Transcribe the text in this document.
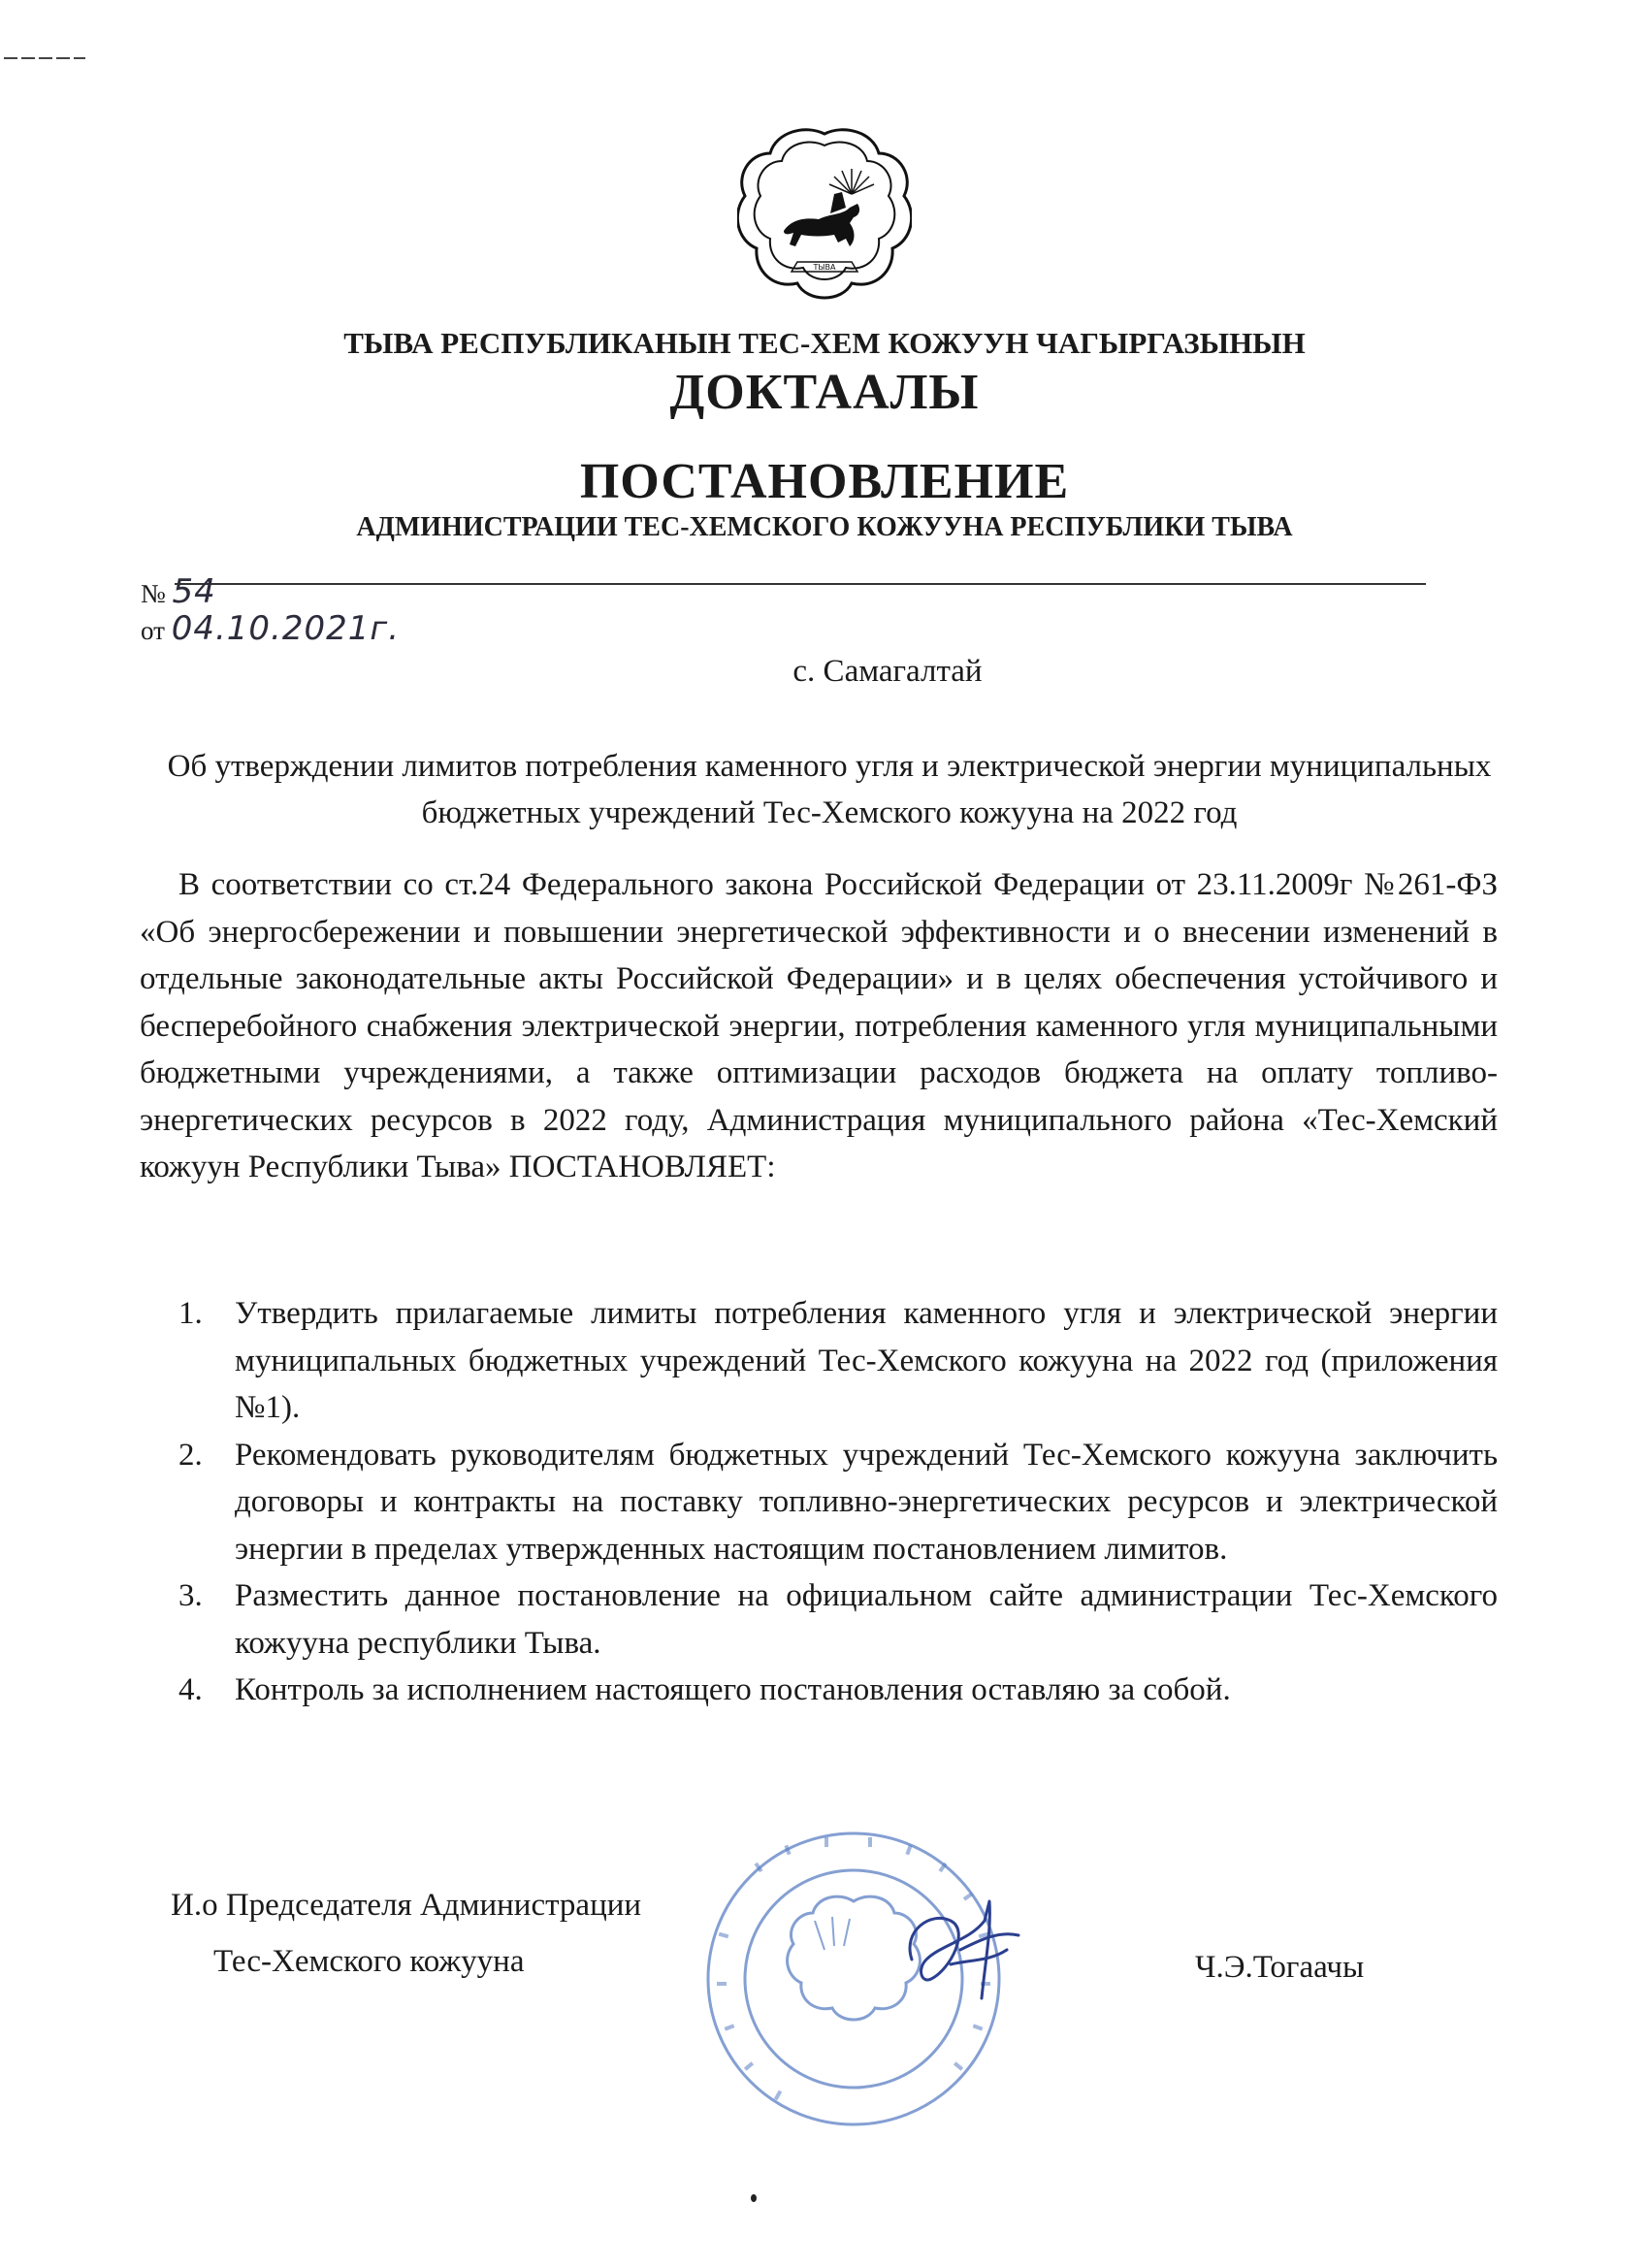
ТЫВА
ТЫВА РЕСПУБЛИКАНЫН ТЕС-ХЕМ КОЖУУН ЧАГЫРГАЗЫНЫН
ДОКТААЛЫ
ПОСТАНОВЛЕНИЕ
АДМИНИСТРАЦИИ ТЕС-ХЕМСКОГО КОЖУУНА РЕСПУБЛИКИ ТЫВА
№ 54
от 04.10.2021г.
с. Самагалтай
Об утверждении лимитов потребления каменного угля и электрической энергии муниципальных бюджетных учреждений Тес-Хемского кожууна на 2022 год
В соответствии со ст.24 Федерального закона Российской Федерации от 23.11.2009г №261-ФЗ «Об энергосбережении и повышении энергетической эффективности и о внесении изменений в отдельные законодательные акты Российской Федерации» и в целях обеспечения устойчивого и бесперебойного снабжения электрической энергии, потребления каменного угля муниципальными бюджетными учреждениями, а также оптимизации расходов бюджета на оплату топливо-энергетических ресурсов в 2022 году, Администрация муниципального района «Тес-Хемский кожуун Республики Тыва» ПОСТАНОВЛЯЕТ:
1. Утвердить прилагаемые лимиты потребления каменного угля и электрической энергии муниципальных бюджетных учреждений Тес-Хемского кожууна на 2022 год (приложения №1).
2. Рекомендовать руководителям бюджетных учреждений Тес-Хемского кожууна заключить договоры и контракты на поставку топливно-энергетических ресурсов и электрической энергии в пределах утвержденных настоящим постановлением лимитов.
3. Разместить данное постановление на официальном сайте администрации Тес-Хемского кожууна республики Тыва.
4. Контроль за исполнением настоящего постановления оставляю за собой.
И.о Председателя Администрации
Тес-Хемского кожууна	Ч.Э.Тогаачы
